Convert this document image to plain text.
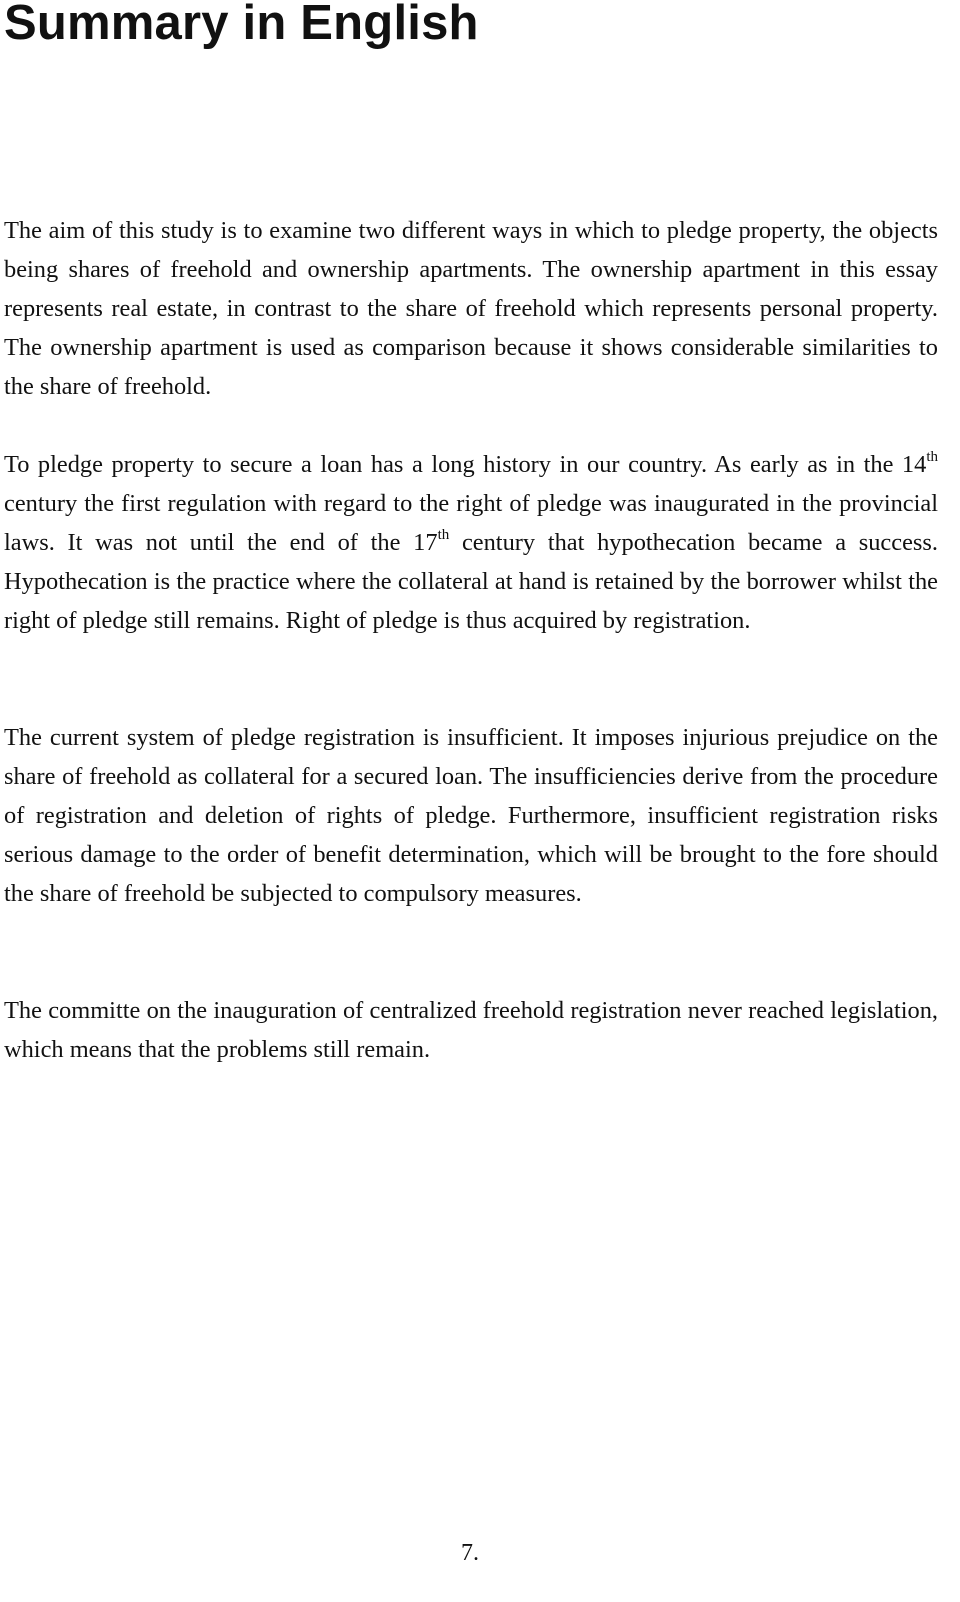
Summary in English

The aim of this study is to examine two different ways in which to pledge property, the objects being shares of freehold and ownership apartments. The ownership apartment in this essay represents real estate, in contrast to the share of freehold which represents personal property. The ownership apartment is used as comparison because it shows considerable similarities to the share of freehold.

To pledge property to secure a loan has a long history in our country. As early as in the 14th century the first regulation with regard to the right of pledge was inaugurated in the provincial laws. It was not until the end of the 17th century that hypothecation became a success. Hypothecation is the practice where the collateral at hand is retained by the borrower whilst the right of pledge still remains. Right of pledge is thus acquired by registration.

The current system of pledge registration is insufficient. It imposes injurious prejudice on the share of freehold as collateral for a secured loan. The insufficiencies derive from the procedure of registration and deletion of rights of pledge. Furthermore, insufficient registration risks serious damage to the order of benefit determination, which will be brought to the fore should the share of freehold be subjected to compulsory measures.

The committe on the inauguration of centralized freehold registration never reached legislation, which means that the problems still remain.

7.
